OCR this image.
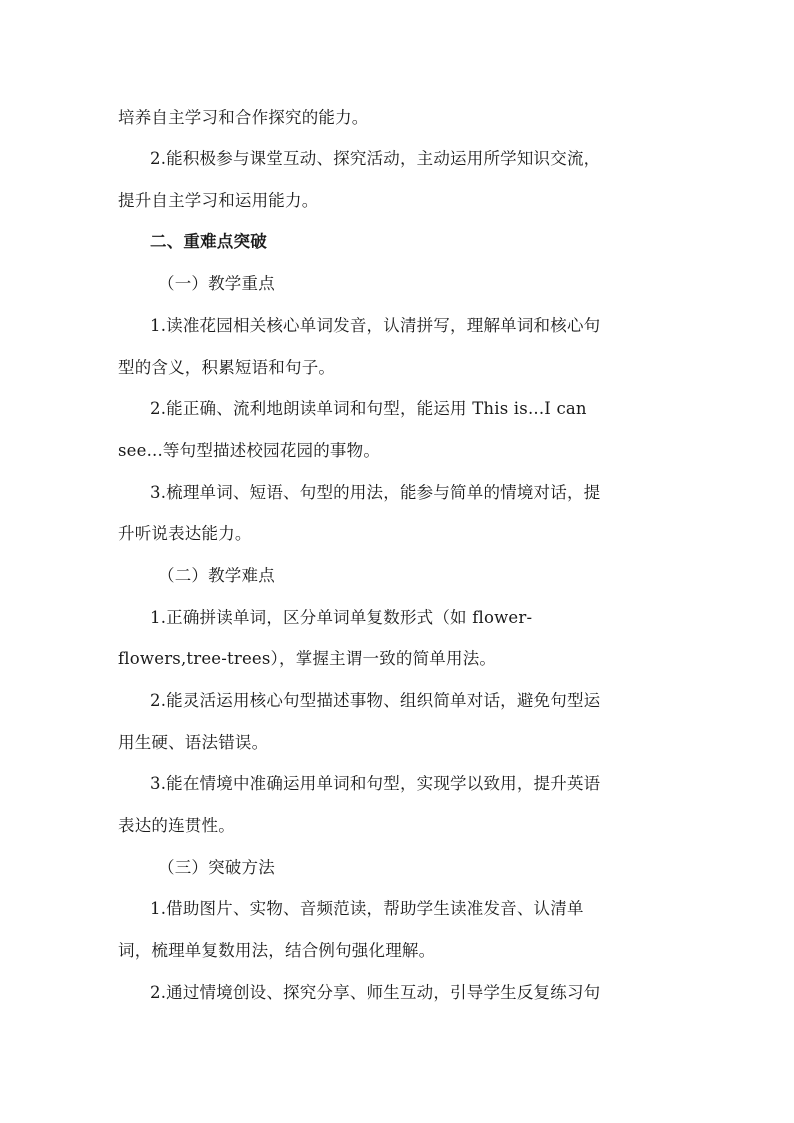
培养自主学习和合作探究的能力。
2.能积极参与课堂互动、探究活动，主动运用所学知识交流，
提升自主学习和运用能力。
二、重难点突破
（一）教学重点
1.读准花园相关核心单词发音，认清拼写，理解单词和核心句
型的含义，积累短语和句子。
2.能正确、流利地朗读单词和句型，能运用 This is...I can
see...等句型描述校园花园的事物。
3.梳理单词、短语、句型的用法，能参与简单的情境对话，提
升听说表达能力。
（二）教学难点
1.正确拼读单词，区分单词单复数形式（如 flower-
flowers,tree-trees），掌握主谓一致的简单用法。
2.能灵活运用核心句型描述事物、组织简单对话，避免句型运
用生硬、语法错误。
3.能在情境中准确运用单词和句型，实现学以致用，提升英语
表达的连贯性。
（三）突破方法
1.借助图片、实物、音频范读，帮助学生读准发音、认清单
词，梳理单复数用法，结合例句强化理解。
2.通过情境创设、探究分享、师生互动，引导学生反复练习句
